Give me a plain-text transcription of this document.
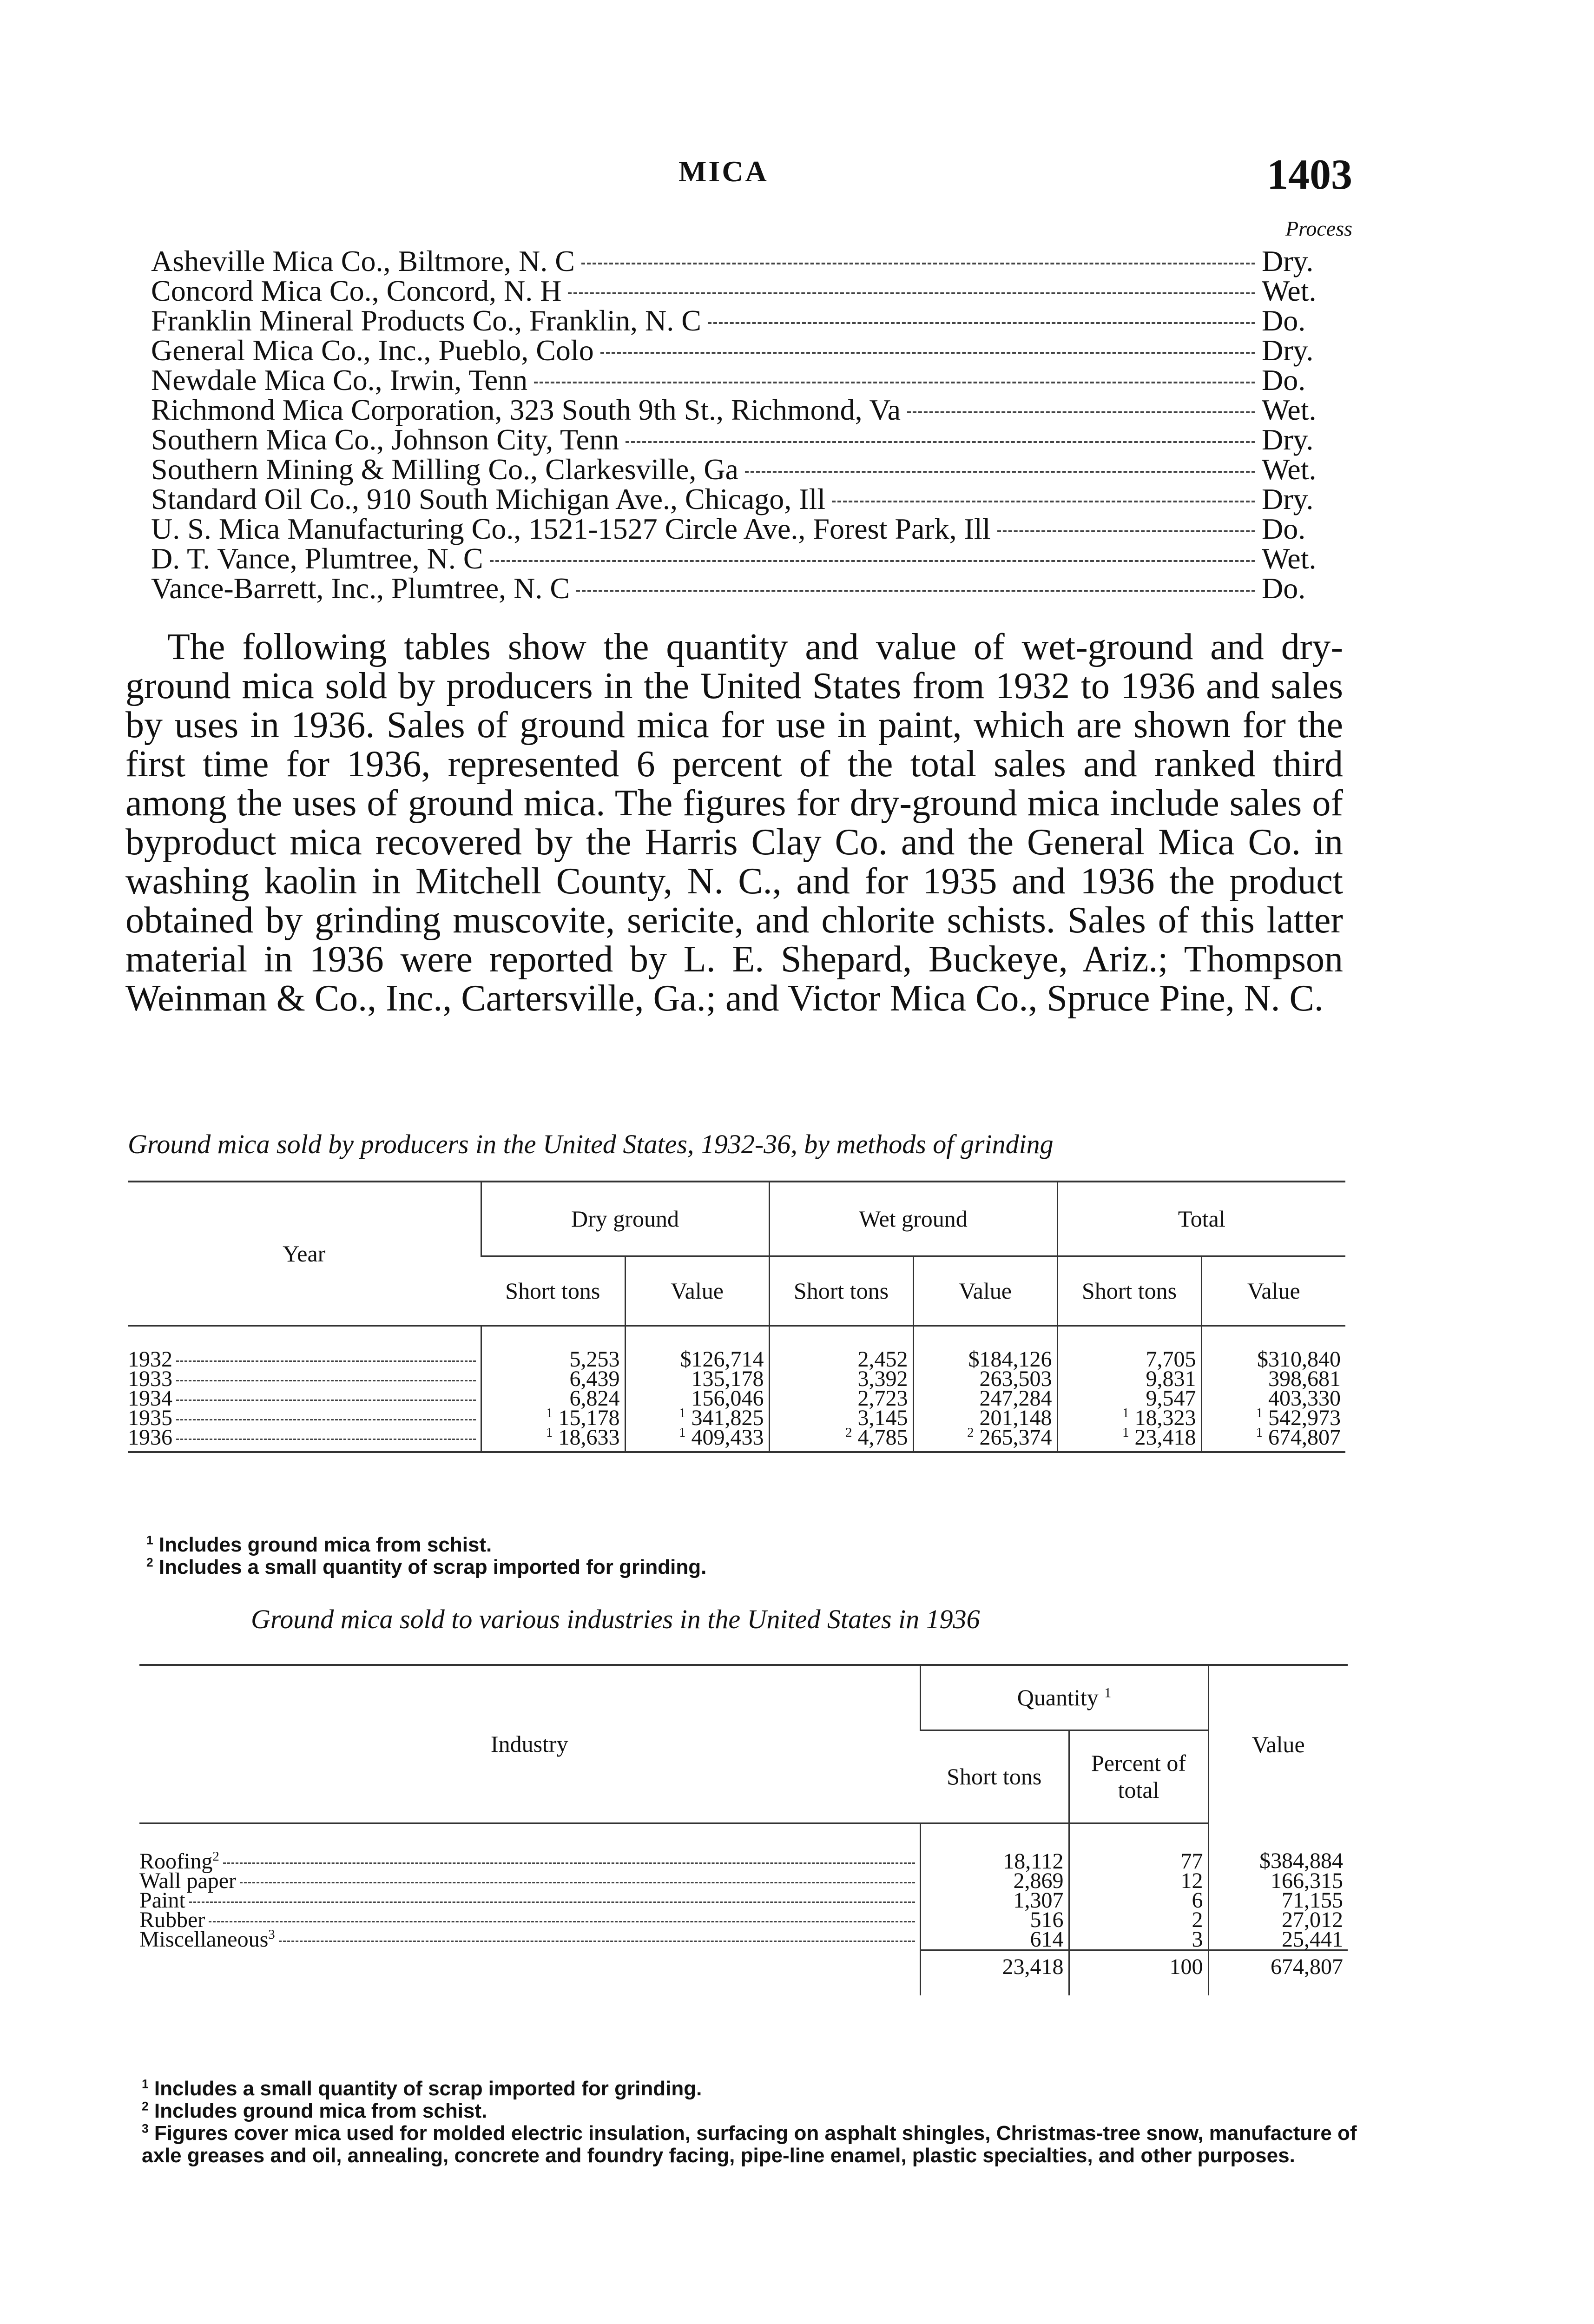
MICA	1403
Process
Asheville Mica Co., Biltmore, N. C	Dry.
Concord Mica Co., Concord, N. H	Wet.
Franklin Mineral Products Co., Franklin, N. C	Do.
General Mica Co., Inc., Pueblo, Colo	Dry.
Newdale Mica Co., Irwin, Tenn	Do.
Richmond Mica Corporation, 323 South 9th St., Richmond, Va	Wet.
Southern Mica Co., Johnson City, Tenn	Dry.
Southern Mining & Milling Co., Clarkesville, Ga	Wet.
Standard Oil Co., 910 South Michigan Ave., Chicago, Ill	Dry.
U. S. Mica Manufacturing Co., 1521-1527 Circle Ave., Forest Park, Ill	Do.
D. T. Vance, Plumtree, N. C	Wet.
Vance-Barrett, Inc., Plumtree, N. C	Do.

The following tables show the quantity and value of wet-ground and dry-ground mica sold by producers in the United States from 1932 to 1936 and sales by uses in 1936. Sales of ground mica for use in paint, which are shown for the first time for 1936, represented 6 percent of the total sales and ranked third among the uses of ground mica. The figures for dry-ground mica include sales of byproduct mica recovered by the Harris Clay Co. and the General Mica Co. in washing kaolin in Mitchell County, N. C., and for 1935 and 1936 the product obtained by grinding muscovite, sericite, and chlorite schists. Sales of this latter material in 1936 were reported by L. E. Shepard, Buckeye, Ariz.; Thompson Weinman & Co., Inc., Cartersville, Ga.; and Victor Mica Co., Spruce Pine, N. C.

Ground mica sold by producers in the United States, 1932-36, by methods of grinding
Year	Dry ground		Wet ground		Total	
	Short tons	Value	Short tons	Value	Short tons	Value

1932	5,253	$126,714	2,452	$184,126	7,705	$310,840

1933	6,439	135,178	3,392	263,503	9,831	398,681

1934	6,824	156,046	2,723	247,284	9,547	403,330

1935	$^1$ 15,178	$^1$ 341,825	3,145	201,148	$^1$ 18,323	$^1$ 542,973

1936	$^1$ 18,633	$^1$ 409,433	$^2$ 4,785	$^2$ 265,374	$^1$ 23,418	$^1$ 674,807

$^1$ Includes ground mica from schist.

$^2$ Includes a small quantity of scrap imported for grinding.

Ground mica sold to various industries in the United States in 1936
Industry	Quantity $^1$		Value
	Short tons	Percent of total	

Roofing$^2$	18,112	77	$384,884

Wall paper	2,869	12	166,315

Paint	1,307	6	71,155

Rubber	516	2	27,012

Miscellaneous$^3$	614	3	25,441
	23,418	100	674,807

$^1$ Includes a small quantity of scrap imported for grinding.

$^2$ Includes ground mica from schist.

$^3$ Figures cover mica used for molded electric insulation, surfacing on asphalt shingles, Christmas-tree snow, manufacture of axle greases and oil, annealing, concrete and foundry facing, pipe-line enamel, plastic specialties, and other purposes.
